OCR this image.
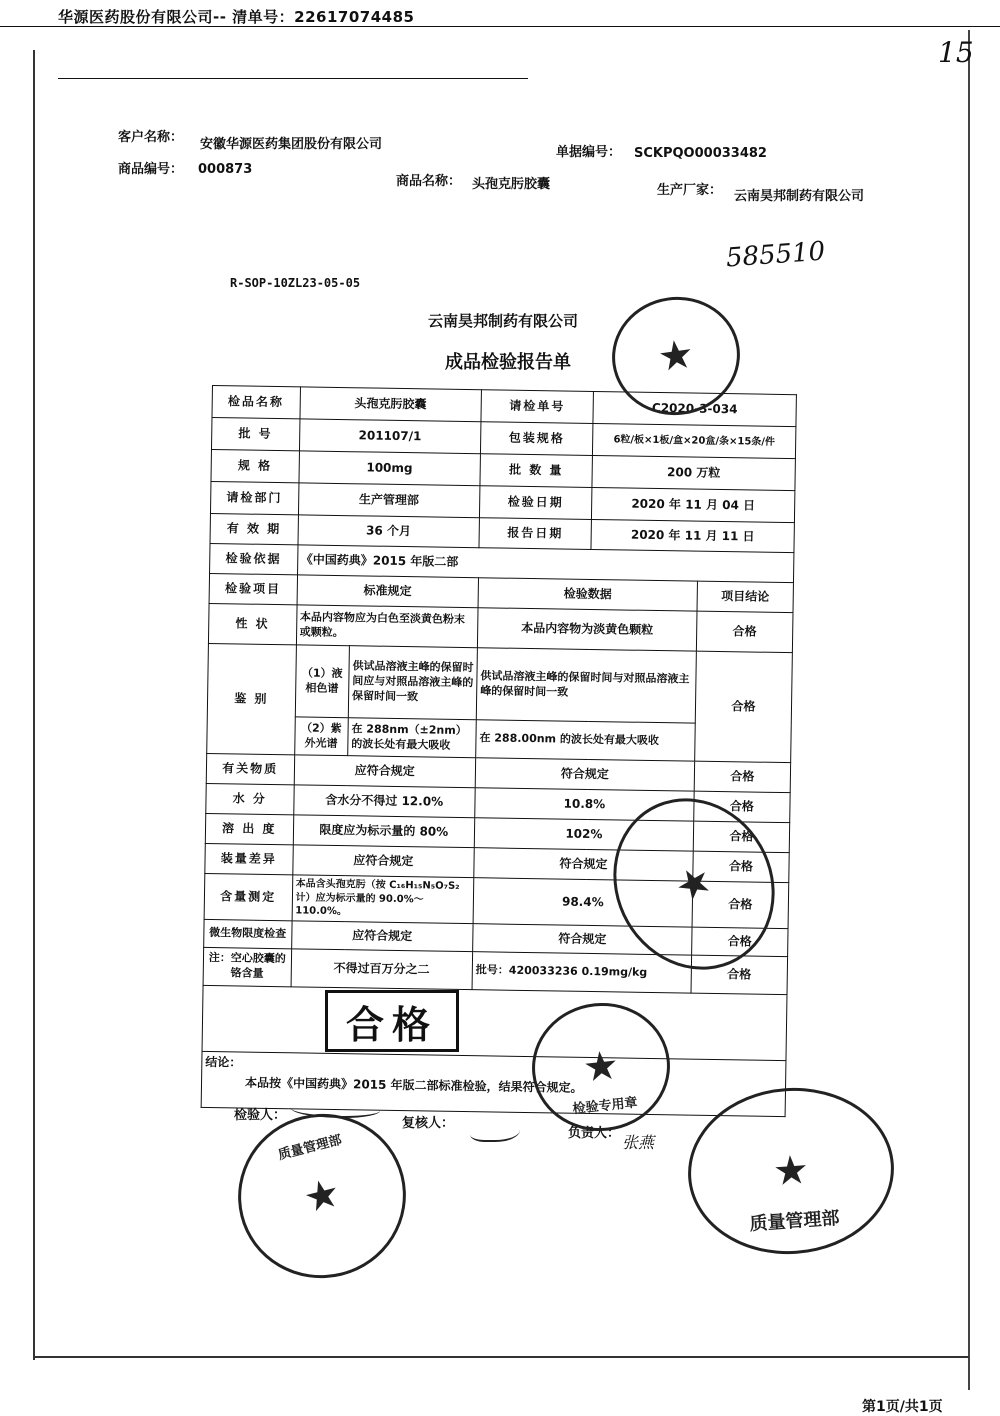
华源医药股份有限公司-- 清单号：22617074485
15
客户名称： 安徽华源医药集团股份有限公司
单据编号： SCKPQO00033482
商品编号： 000873
商品名称： 头孢克肟胶囊	生产厂家： 云南昊邦制药有限公司
585510
R-SOP-10ZL23-05-05
云南昊邦制药有限公司
成品检验报告单
检品名称	头孢克肟胶囊		请检单号	C2020-3-034	
批 号	201107/1		包装规格	6粒/板×1板/盒×20盒/条×15条/件	
规 格	100mg		批 数 量	200 万粒	
请检部门	生产管理部		检验日期	2020 年 11 月 04 日	
有 效 期	36 个月		报告日期	2020 年 11 月 11 日	
检验依据	《中国药典》2015 年版二部				
检验项目	标准规定		检验数据		项目结论
性 状	本品内容物应为白色至淡黄色粉末或颗粒。		本品内容物为淡黄色颗粒		合格
鉴 别	（1）液相色谱	供试品溶液主峰的保留时间应与对照品溶液主峰的保留时间一致	供试品溶液主峰的保留时间与对照品溶液主峰的保留时间一致		合格
	（2）紫外光谱	在 288nm（±2nm）的波长处有最大吸收	在 288.00nm 的波长处有最大吸收		
有关物质	应符合规定		符合规定		合格
水 分	含水分不得过 12.0%		10.8%		合格
溶 出 度	限度应为标示量的 80%		102%		合格
装量差异	应符合规定		符合规定		合格
含量测定	本品含头孢克肟（按 C₁₆H₁₅N₅O₇S₂ 计）应为标示量的 90.0%～110.0%。		98.4%		合格
微生物限度检查	应符合规定		符合规定		合格
注：空心胶囊的铬含量	不得过百万分之二		批号：420033236 0.19mg/kg		合格

结论：
本品按《中国药典》2015 年版二部标准检验，结果符合规定。					
合格
检验人：
复核人：
负责人： 张燕
★
★
★
检验专用章
★
质量管理部	★
质量管理部
第1页/共1页
